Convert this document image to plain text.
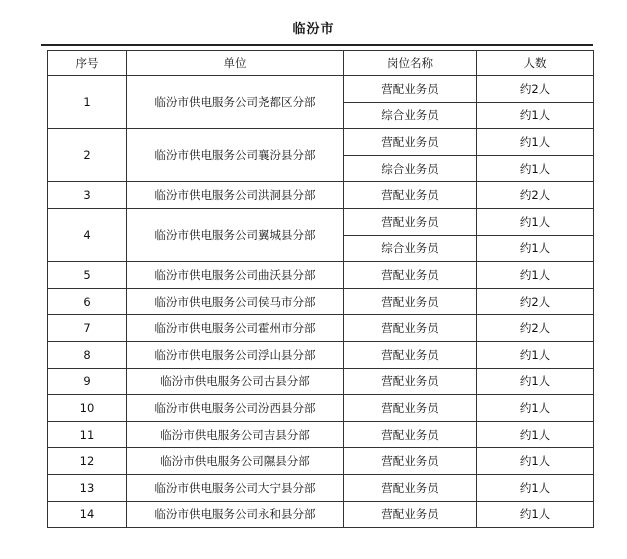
临汾市
序号	单位	岗位名称	人数
1	临汾市供电服务公司尧都区分部	营配业务员	约2人
		综合业务员	约1人
2	临汾市供电服务公司襄汾县分部	营配业务员	约1人
		综合业务员	约1人
3	临汾市供电服务公司洪洞县分部	营配业务员	约2人
4	临汾市供电服务公司翼城县分部	营配业务员	约1人
		综合业务员	约1人
5	临汾市供电服务公司曲沃县分部	营配业务员	约1人
6	临汾市供电服务公司侯马市分部	营配业务员	约2人
7	临汾市供电服务公司霍州市分部	营配业务员	约2人
8	临汾市供电服务公司浮山县分部	营配业务员	约1人
9	临汾市供电服务公司古县分部	营配业务员	约1人
10	临汾市供电服务公司汾西县分部	营配业务员	约1人
11	临汾市供电服务公司吉县分部	营配业务员	约1人
12	临汾市供电服务公司隰县分部	营配业务员	约1人
13	临汾市供电服务公司大宁县分部	营配业务员	约1人
14	临汾市供电服务公司永和县分部	营配业务员	约1人
